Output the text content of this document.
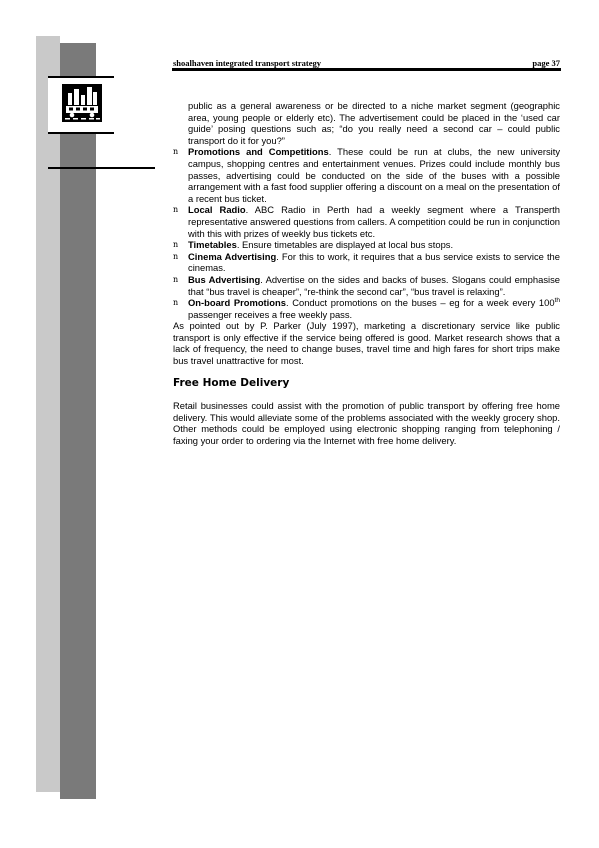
shoalhaven integrated transport strategy	page 37

public as a general awareness or be directed to a niche market segment (geographic area, young people or elderly etc). The advertisement could be placed in the ‘used car guide’ posing questions such as; “do you really need a second car – could public transport do it for you?”

n Promotions and Competitions. These could be run at clubs, the new university campus, shopping centres and entertainment venues. Prizes could include monthly bus passes, advertising could be conducted on the side of the buses with a possible arrangement with a fast food supplier offering a discount on a meal on the presentation of a recent bus ticket.

n Local Radio. ABC Radio in Perth had a weekly segment where a Transperth representative answered questions from callers. A competition could be run in conjunction with this with prizes of weekly bus tickets etc.

n Timetables. Ensure timetables are displayed at local bus stops.

n Cinema Advertising. For this to work, it requires that a bus service exists to service the cinemas.

n Bus Advertising. Advertise on the sides and backs of buses. Slogans could emphasise that “bus travel is cheaper”, “re-think the second car”, “bus travel is relaxing”.

n On-board Promotions. Conduct promotions on the buses – eg for a week every 100th passenger receives a free weekly pass.

As pointed out by P. Parker (July 1997), marketing a discretionary service like public transport is only effective if the service being offered is good. Market research shows that a lack of frequency, the need to change buses, travel time and high fares for short trips make bus travel unattractive for most.

Free Home Delivery

Retail businesses could assist with the promotion of public transport by offering free home delivery. This would alleviate some of the problems associated with the weekly grocery shop. Other methods could be employed using electronic shopping ranging from telephoning / faxing your order to ordering via the Internet with free home delivery.
